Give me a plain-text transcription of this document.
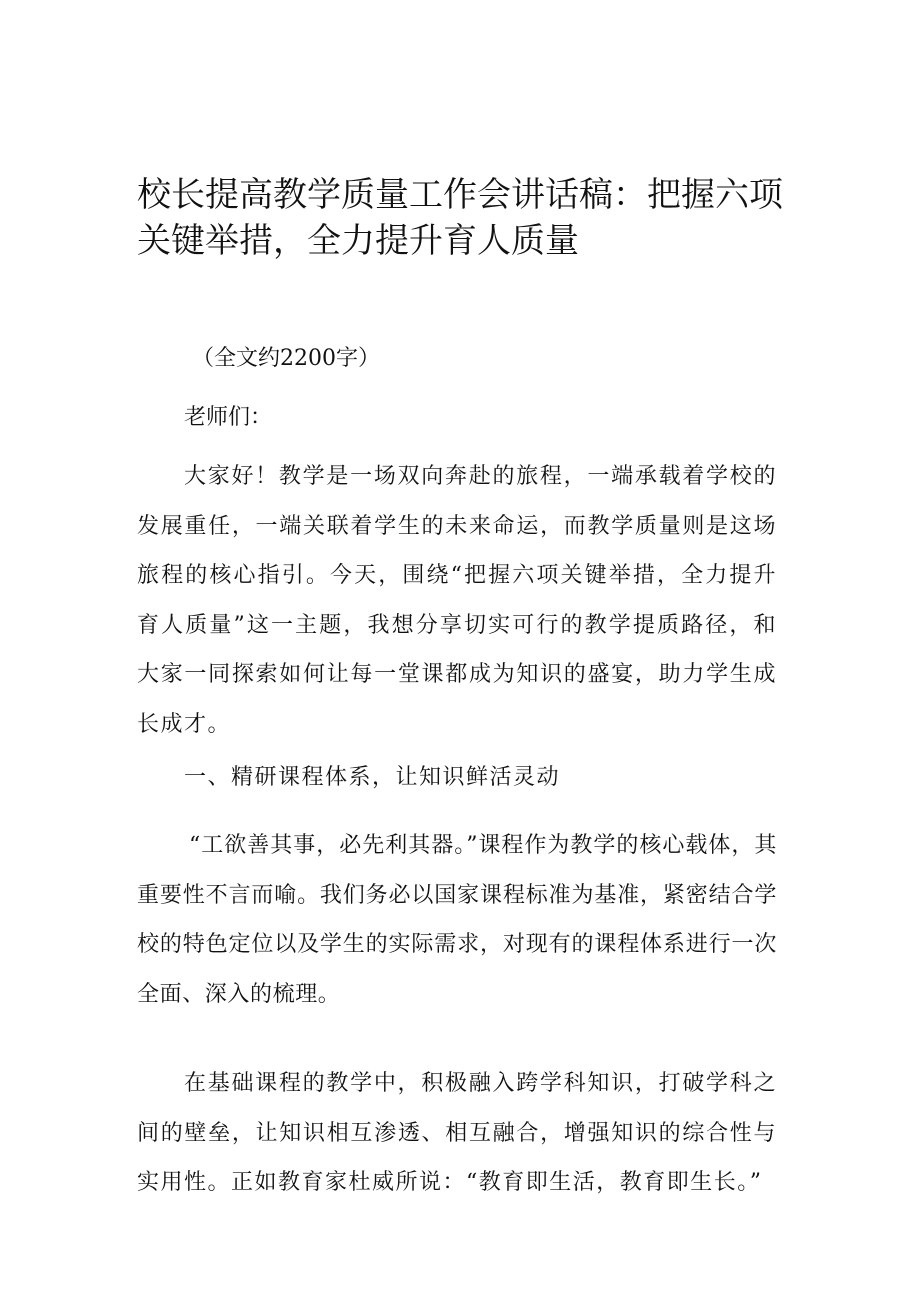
校长提高教学质量工作会讲话稿：把握六项关键举措，全力提升育人质量

（全文约2200字）

老师们：

大家好！教学是一场双向奔赴的旅程，一端承载着学校的发展重任，一端关联着学生的未来命运，而教学质量则是这场旅程的核心指引。今天，围绕“把握六项关键举措，全力提升育人质量”这一主题，我想分享切实可行的教学提质路径，和大家一同探索如何让每一堂课都成为知识的盛宴，助力学生成长成才。

一、精研课程体系，让知识鲜活灵动

“工欲善其事，必先利其器。”课程作为教学的核心载体，其重要性不言而喻。我们务必以国家课程标准为基准，紧密结合学校的特色定位以及学生的实际需求，对现有的课程体系进行一次全面、深入的梳理。

在基础课程的教学中，积极融入跨学科知识，打破学科之间的壁垒，让知识相互渗透、相互融合，增强知识的综合性与实用性。正如教育家杜威所说：“教育即生活，教育即生长。”
